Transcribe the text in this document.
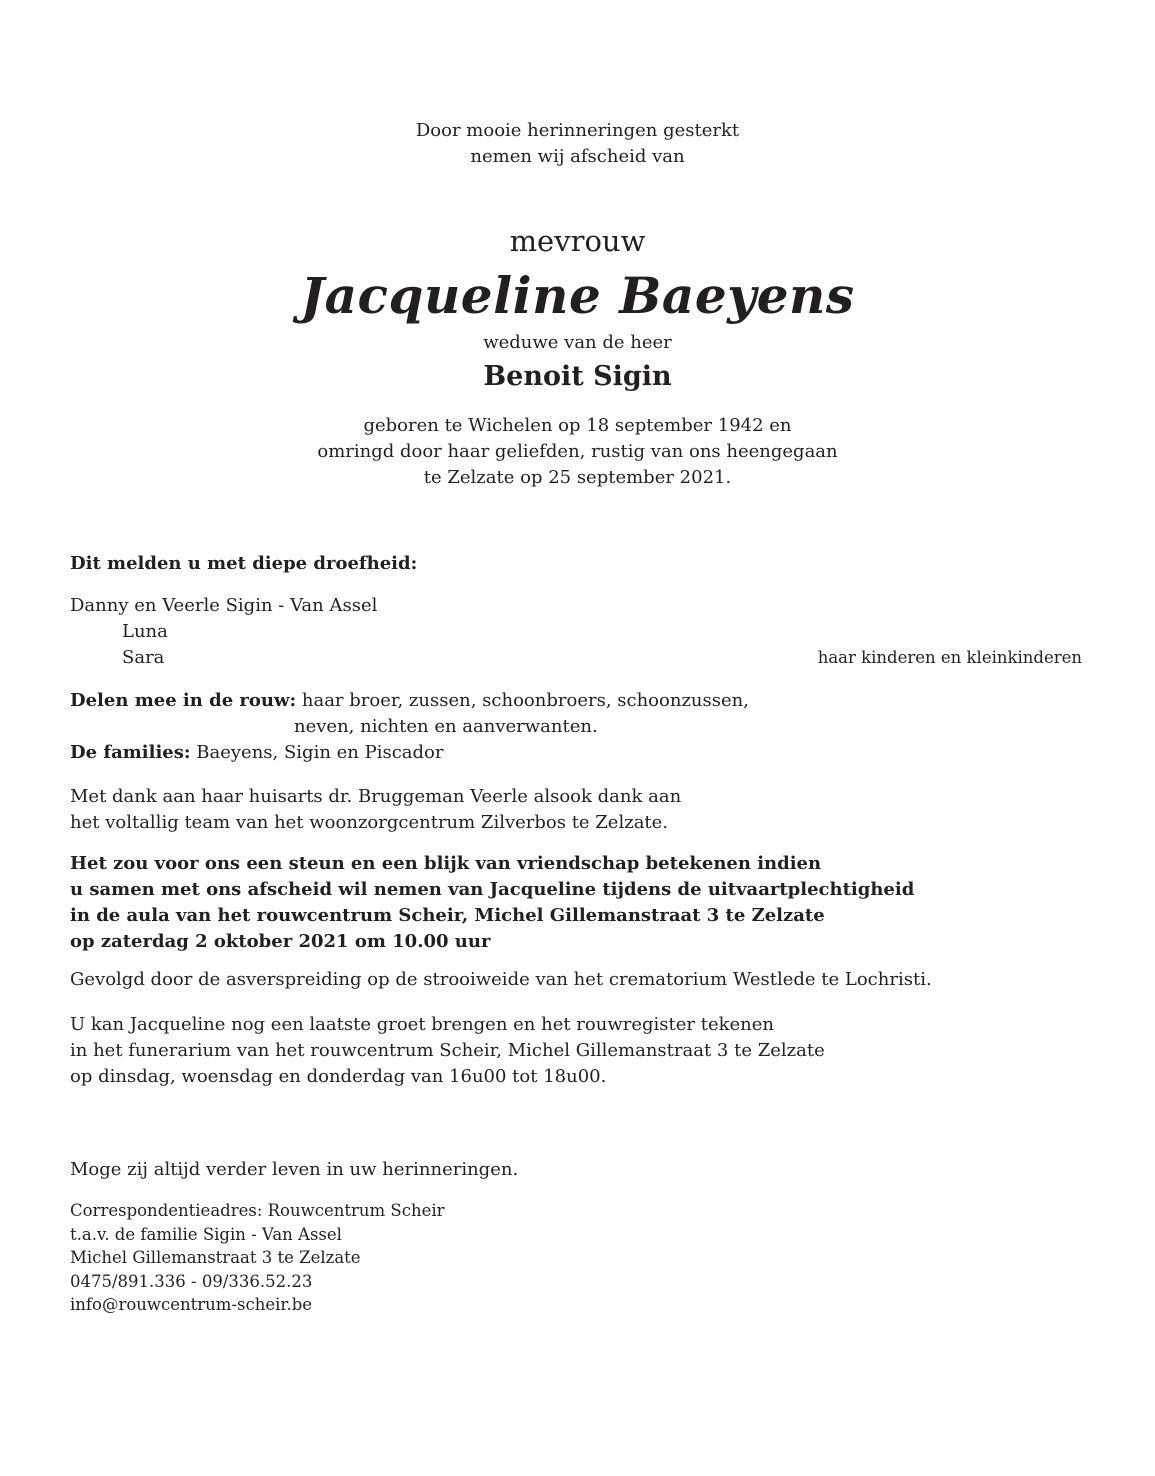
Door mooie herinneringen gesterkt
nemen wij afscheid van
mevrouw
Jacqueline Baeyens
weduwe van de heer
Benoit Sigin
geboren te Wichelen op 18 september 1942 en
omringd door haar geliefden, rustig van ons heengegaan
te Zelzate op 25 september 2021.
Dit melden u met diepe droefheid:
Danny en Veerle Sigin - Van Assel
Luna
Sara	haar kinderen en kleinkinderen
Delen mee in de rouw: haar broer, zussen, schoonbroers, schoonzussen,
neven, nichten en aanverwanten.
De families: Baeyens, Sigin en Piscador
Met dank aan haar huisarts dr. Bruggeman Veerle alsook dank aan
het voltallig team van het woonzorgcentrum Zilverbos te Zelzate.
Het zou voor ons een steun en een blijk van vriendschap betekenen indien
u samen met ons afscheid wil nemen van Jacqueline tijdens de uitvaartplechtigheid
in de aula van het rouwcentrum Scheir, Michel Gillemanstraat 3 te Zelzate
op zaterdag 2 oktober 2021 om 10.00 uur
Gevolgd door de asverspreiding op de strooiweide van het crematorium Westlede te Lochristi.
U kan Jacqueline nog een laatste groet brengen en het rouwregister tekenen
in het funerarium van het rouwcentrum Scheir, Michel Gillemanstraat 3 te Zelzate
op dinsdag, woensdag en donderdag van 16u00 tot 18u00.
Moge zij altijd verder leven in uw herinneringen.
Correspondentieadres: Rouwcentrum Scheir
t.a.v. de familie Sigin - Van Assel
Michel Gillemanstraat 3 te Zelzate
0475/891.336 - 09/336.52.23
info@rouwcentrum-scheir.be
